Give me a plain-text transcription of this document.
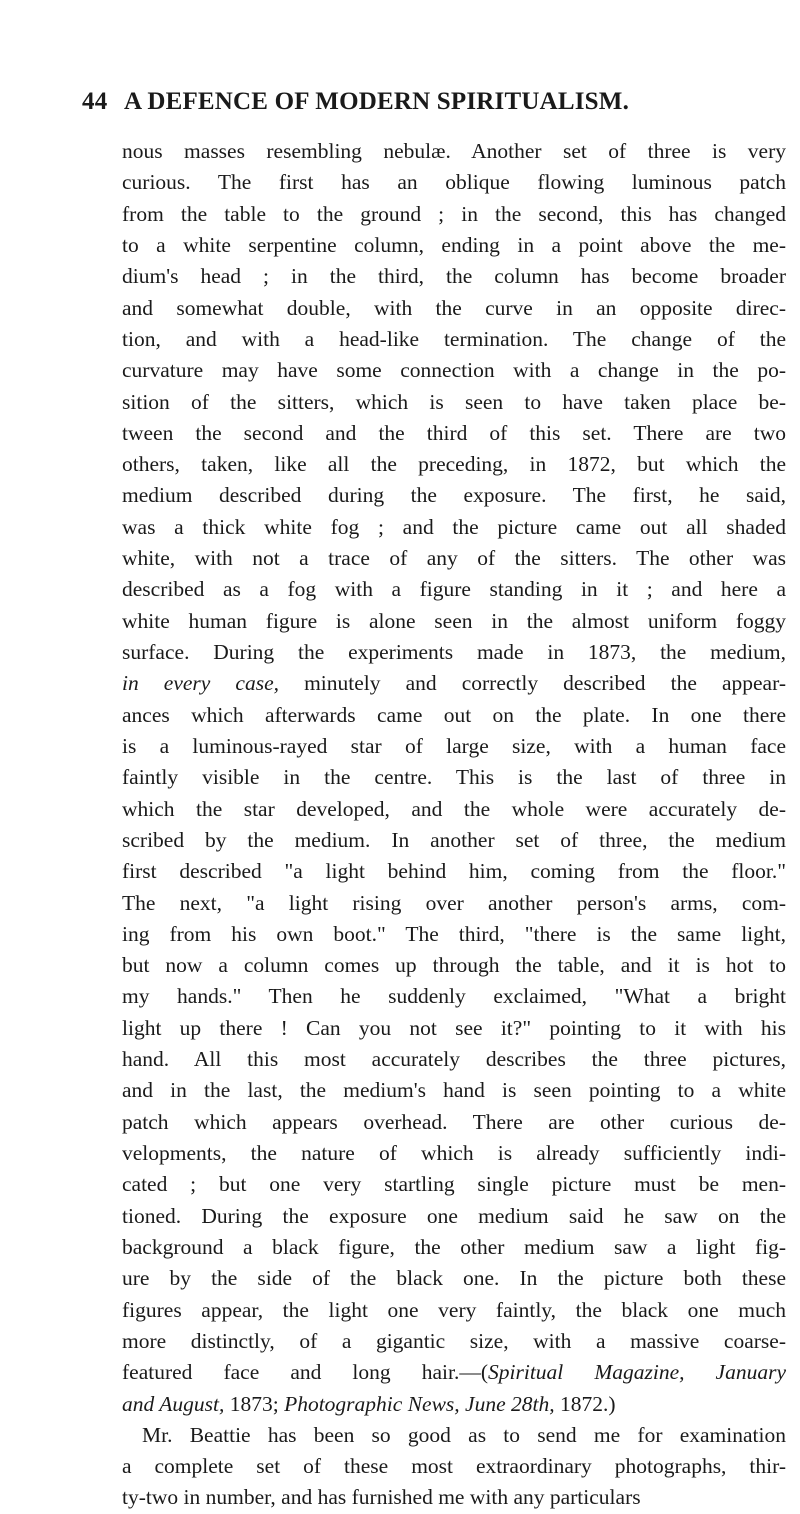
44 A DEFENCE OF MODERN SPIRITUALISM.
nous masses resembling nebulæ. Another set of three is very
curious. The first has an oblique flowing luminous patch
from the table to the ground ; in the second, this has changed
to a white serpentine column, ending in a point above the me-
dium's head ; in the third, the column has become broader
and somewhat double, with the curve in an opposite direc-
tion, and with a head-like termination. The change of the
curvature may have some connection with a change in the po-
sition of the sitters, which is seen to have taken place be-
tween the second and the third of this set. There are two
others, taken, like all the preceding, in 1872, but which the
medium described during the exposure. The first, he said,
was a thick white fog ; and the picture came out all shaded
white, with not a trace of any of the sitters. The other was
described as a fog with a figure standing in it ; and here a
white human figure is alone seen in the almost uniform foggy
surface. During the experiments made in 1873, the medium,
in every case, minutely and correctly described the appear-
ances which afterwards came out on the plate. In one there
is a luminous-rayed star of large size, with a human face
faintly visible in the centre. This is the last of three in
which the star developed, and the whole were accurately de-
scribed by the medium. In another set of three, the medium
first described "a light behind him, coming from the floor."
The next, "a light rising over another person's arms, com-
ing from his own boot." The third, "there is the same light,
but now a column comes up through the table, and it is hot to
my hands." Then he suddenly exclaimed, "What a bright
light up there ! Can you not see it?" pointing to it with his
hand. All this most accurately describes the three pictures,
and in the last, the medium's hand is seen pointing to a white
patch which appears overhead. There are other curious de-
velopments, the nature of which is already sufficiently indi-
cated ; but one very startling single picture must be men-
tioned. During the exposure one medium said he saw on the
background a black figure, the other medium saw a light fig-
ure by the side of the black one. In the picture both these
figures appear, the light one very faintly, the black one much
more distinctly, of a gigantic size, with a massive coarse-
featured face and long hair.—(Spiritual Magazine, January
and August, 1873; Photographic News, June 28th, 1872.)
Mr. Beattie has been so good as to send me for examination
a complete set of these most extraordinary photographs, thir-
ty-two in number, and has furnished me with any particulars
